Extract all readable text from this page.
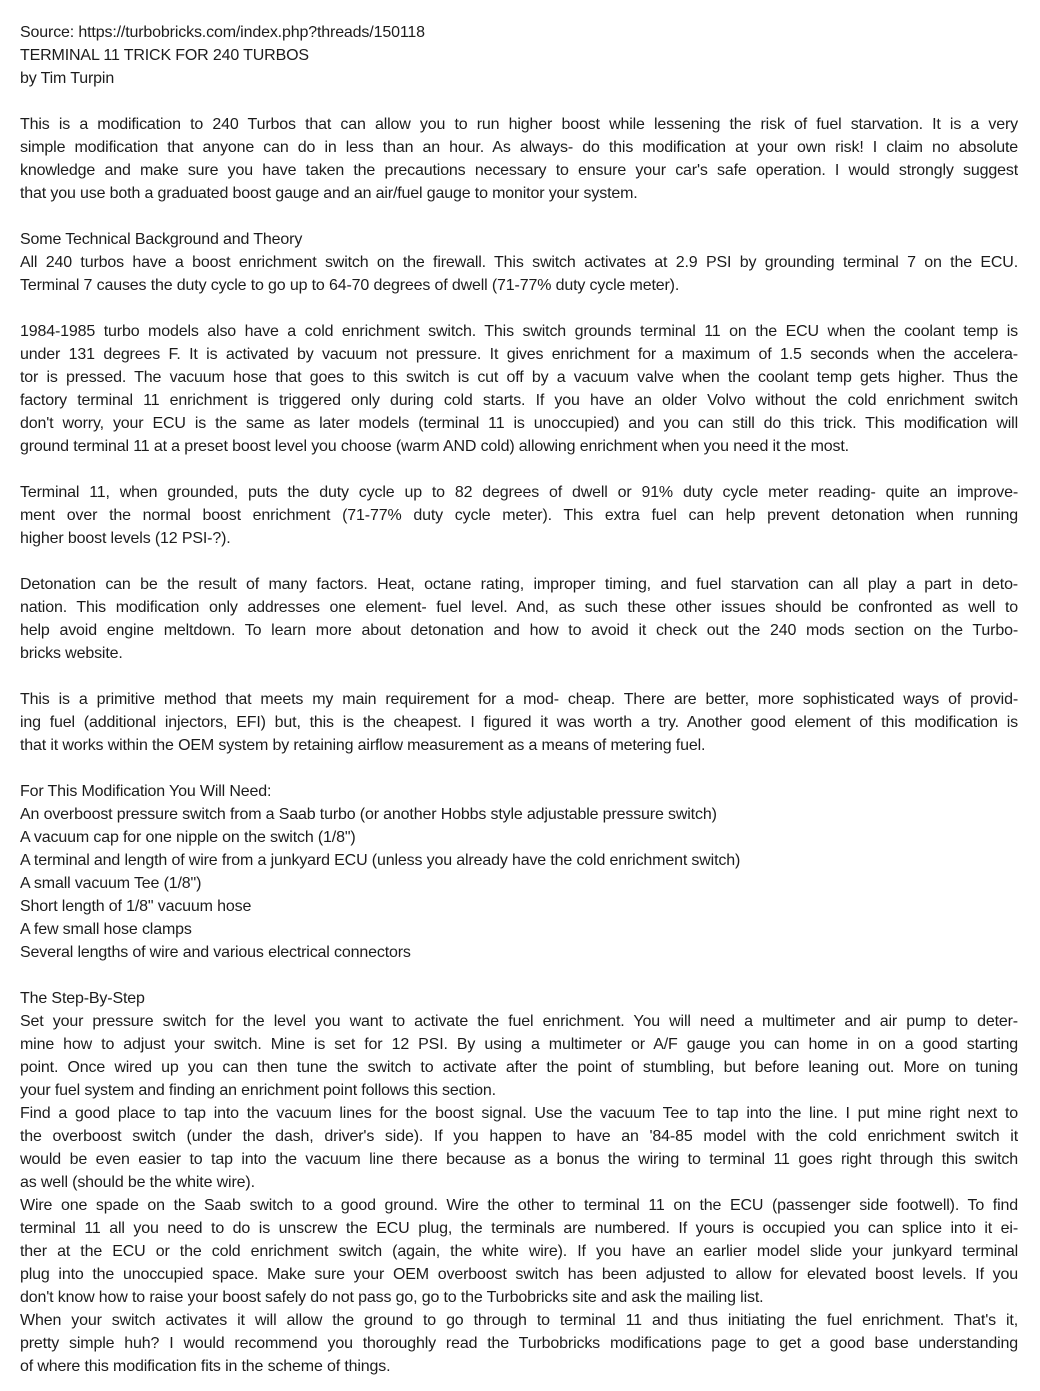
Source: https://turbobricks.com/index.php?threads/150118
TERMINAL 11 TRICK FOR 240 TURBOS
by Tim Turpin
This is a modification to 240 Turbos that can allow you to run higher boost while lessening the risk of fuel starvation. It is a very
simple modification that anyone can do in less than an hour. As always- do this modification at your own risk! I claim no absolute
knowledge and make sure you have taken the precautions necessary to ensure your car's safe operation. I would strongly suggest
that you use both a graduated boost gauge and an air/fuel gauge to monitor your system.
Some Technical Background and Theory
All 240 turbos have a boost enrichment switch on the firewall. This switch activates at 2.9 PSI by grounding terminal 7 on the ECU.
Terminal 7 causes the duty cycle to go up to 64-70 degrees of dwell (71-77% duty cycle meter).
1984-1985 turbo models also have a cold enrichment switch. This switch grounds terminal 11 on the ECU when the coolant temp is
under 131 degrees F. It is activated by vacuum not pressure. It gives enrichment for a maximum of 1.5 seconds when the accelera-
tor is pressed. The vacuum hose that goes to this switch is cut off by a vacuum valve when the coolant temp gets higher. Thus the
factory terminal 11 enrichment is triggered only during cold starts. If you have an older Volvo without the cold enrichment switch
don't worry, your ECU is the same as later models (terminal 11 is unoccupied) and you can still do this trick. This modification will
ground terminal 11 at a preset boost level you choose (warm AND cold) allowing enrichment when you need it the most.
Terminal 11, when grounded, puts the duty cycle up to 82 degrees of dwell or 91% duty cycle meter reading- quite an improve-
ment over the normal boost enrichment (71-77% duty cycle meter). This extra fuel can help prevent detonation when running
higher boost levels (12 PSI-?).
Detonation can be the result of many factors. Heat, octane rating, improper timing, and fuel starvation can all play a part in deto-
nation. This modification only addresses one element- fuel level. And, as such these other issues should be confronted as well to
help avoid engine meltdown. To learn more about detonation and how to avoid it check out the 240 mods section on the Turbo-
bricks website.
This is a primitive method that meets my main requirement for a mod- cheap. There are better, more sophisticated ways of provid-
ing fuel (additional injectors, EFI) but, this is the cheapest. I figured it was worth a try. Another good element of this modification is
that it works within the OEM system by retaining airflow measurement as a means of metering fuel.
For This Modification You Will Need:
An overboost pressure switch from a Saab turbo (or another Hobbs style adjustable pressure switch)
A vacuum cap for one nipple on the switch (1/8")
A terminal and length of wire from a junkyard ECU (unless you already have the cold enrichment switch)
A small vacuum Tee (1/8")
Short length of 1/8" vacuum hose
A few small hose clamps
Several lengths of wire and various electrical connectors
The Step-By-Step
Set your pressure switch for the level you want to activate the fuel enrichment. You will need a multimeter and air pump to deter-
mine how to adjust your switch. Mine is set for 12 PSI. By using a multimeter or A/F gauge you can home in on a good starting
point. Once wired up you can then tune the switch to activate after the point of stumbling, but before leaning out. More on tuning
your fuel system and finding an enrichment point follows this section.
Find a good place to tap into the vacuum lines for the boost signal. Use the vacuum Tee to tap into the line. I put mine right next to
the overboost switch (under the dash, driver's side). If you happen to have an '84-85 model with the cold enrichment switch it
would be even easier to tap into the vacuum line there because as a bonus the wiring to terminal 11 goes right through this switch
as well (should be the white wire).
Wire one spade on the Saab switch to a good ground. Wire the other to terminal 11 on the ECU (passenger side footwell). To find
terminal 11 all you need to do is unscrew the ECU plug, the terminals are numbered. If yours is occupied you can splice into it ei-
ther at the ECU or the cold enrichment switch (again, the white wire). If you have an earlier model slide your junkyard terminal
plug into the unoccupied space. Make sure your OEM overboost switch has been adjusted to allow for elevated boost levels. If you
don't know how to raise your boost safely do not pass go, go to the Turbobricks site and ask the mailing list.
When your switch activates it will allow the ground to go through to terminal 11 and thus initiating the fuel enrichment. That's it,
pretty simple huh? I would recommend you thoroughly read the Turbobricks modifications page to get a good base understanding
of where this modification fits in the scheme of things.
